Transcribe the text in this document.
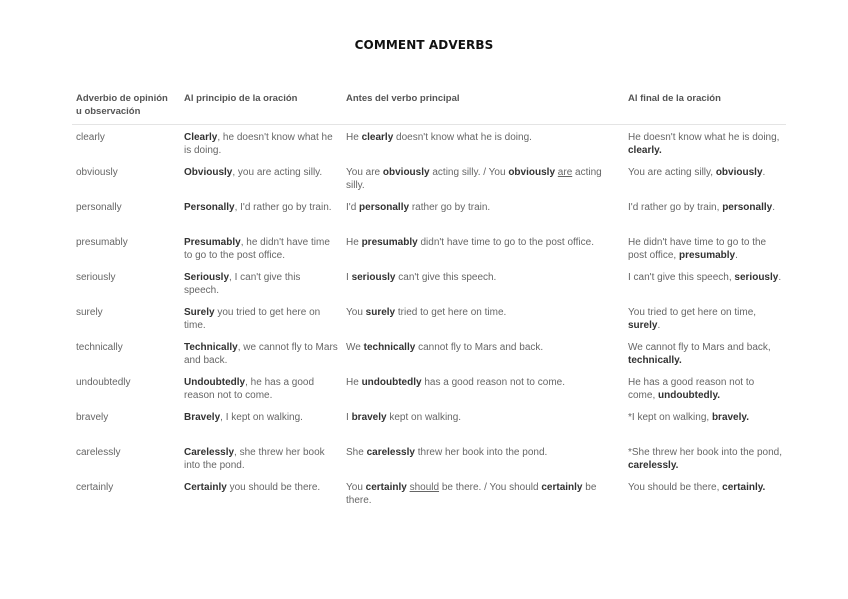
COMMENT ADVERBS
Adverbio de opinión u observación	Al principio de la oración	Antes del verbo principal	Al final de la oración
clearly	Clearly, he doesn't know what he is doing.	He clearly doesn't know what he is doing.	He doesn't know what he is doing, clearly.
obviously	Obviously, you are acting silly.	You are obviously acting silly. / You obviously are acting silly.	You are acting silly, obviously.
personally	Personally, I'd rather go by train.	I'd personally rather go by train.	I'd rather go by train, personally.
presumably	Presumably, he didn't have time to go to the post office.	He presumably didn't have time to go to the post office.	He didn't have time to go to the post office, presumably.
seriously	Seriously, I can't give this speech.	I seriously can't give this speech.	I can't give this speech, seriously.
surely	Surely you tried to get here on time.	You surely tried to get here on time.	You tried to get here on time, surely.
technically	Technically, we cannot fly to Mars and back.	We technically cannot fly to Mars and back.	We cannot fly to Mars and back, technically.
undoubtedly	Undoubtedly, he has a good reason not to come.	He undoubtedly has a good reason not to come.	He has a good reason not to come, undoubtedly.
bravely	Bravely, I kept on walking.	I bravely kept on walking.	*I kept on walking, bravely.
carelessly	Carelessly, she threw her book into the pond.	She carelessly threw her book into the pond.	*She threw her book into the pond, carelessly.
certainly	Certainly you should be there.	You certainly should be there. / You should certainly be there.	You should be there, certainly.
